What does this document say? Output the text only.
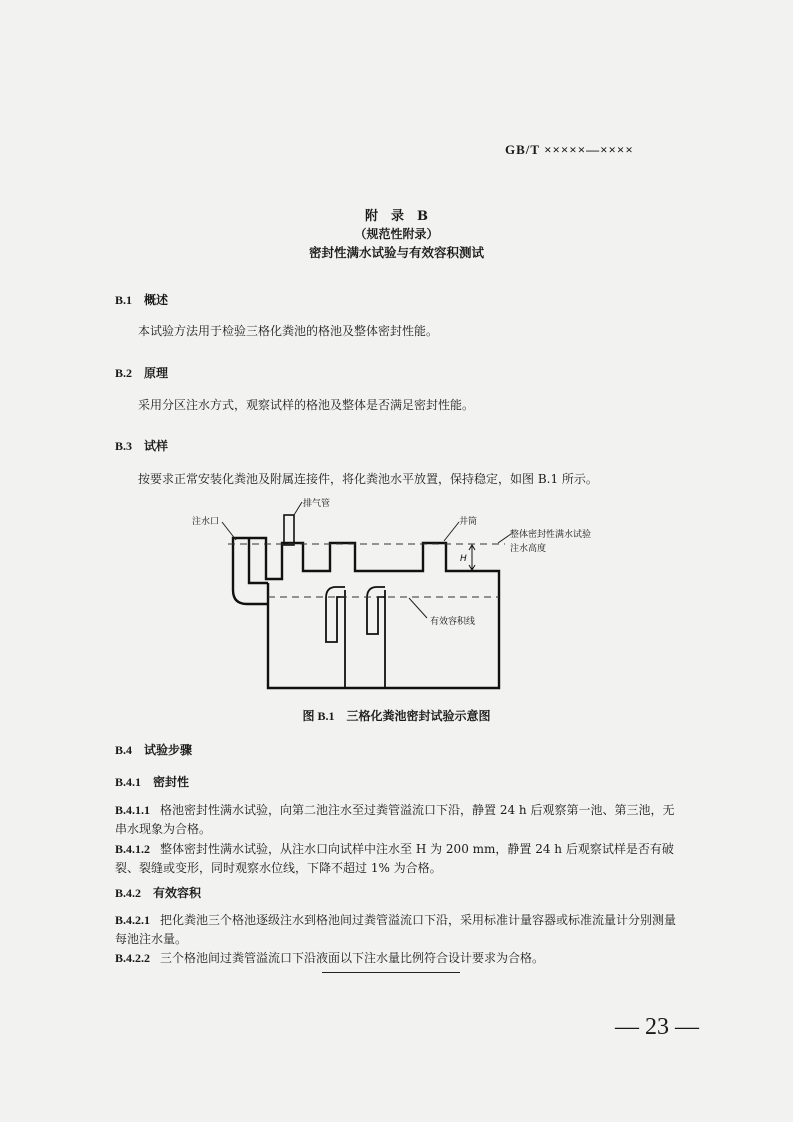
GB/T ×××××—××××
附　录　B
（规范性附录）
密封性满水试验与有效容积测试
B.1 概述
本试验方法用于检验三格化粪池的格池及整体密封性能。
B.2 原理
采用分区注水方式，观察试样的格池及整体是否满足密封性能。
B.3 试样
按要求正常安装化粪池及附属连接件，将化粪池水平放置，保持稳定，如图 B.1 所示。
H
注水口
排气管
井筒
整体密封性满水试验
注水高度
有效容积线
图 B.1 三格化粪池密封试验示意图
B.4 试验步骤
B.4.1 密封性
B.4.1.1 格池密封性满水试验，向第二池注水至过粪管溢流口下沿，静置 24 h 后观察第一池、第三池，无串水现象为合格。
B.4.1.2 整体密封性满水试验，从注水口向试样中注水至 H 为 200 mm，静置 24 h 后观察试样是否有破裂、裂缝或变形，同时观察水位线，下降不超过 1% 为合格。
B.4.2 有效容积
B.4.2.1 把化粪池三个格池逐级注水到格池间过粪管溢流口下沿，采用标准计量容器或标准流量计分别测量每池注水量。
B.4.2.2 三个格池间过粪管溢流口下沿液面以下注水量比例符合设计要求为合格。
— 23 —
